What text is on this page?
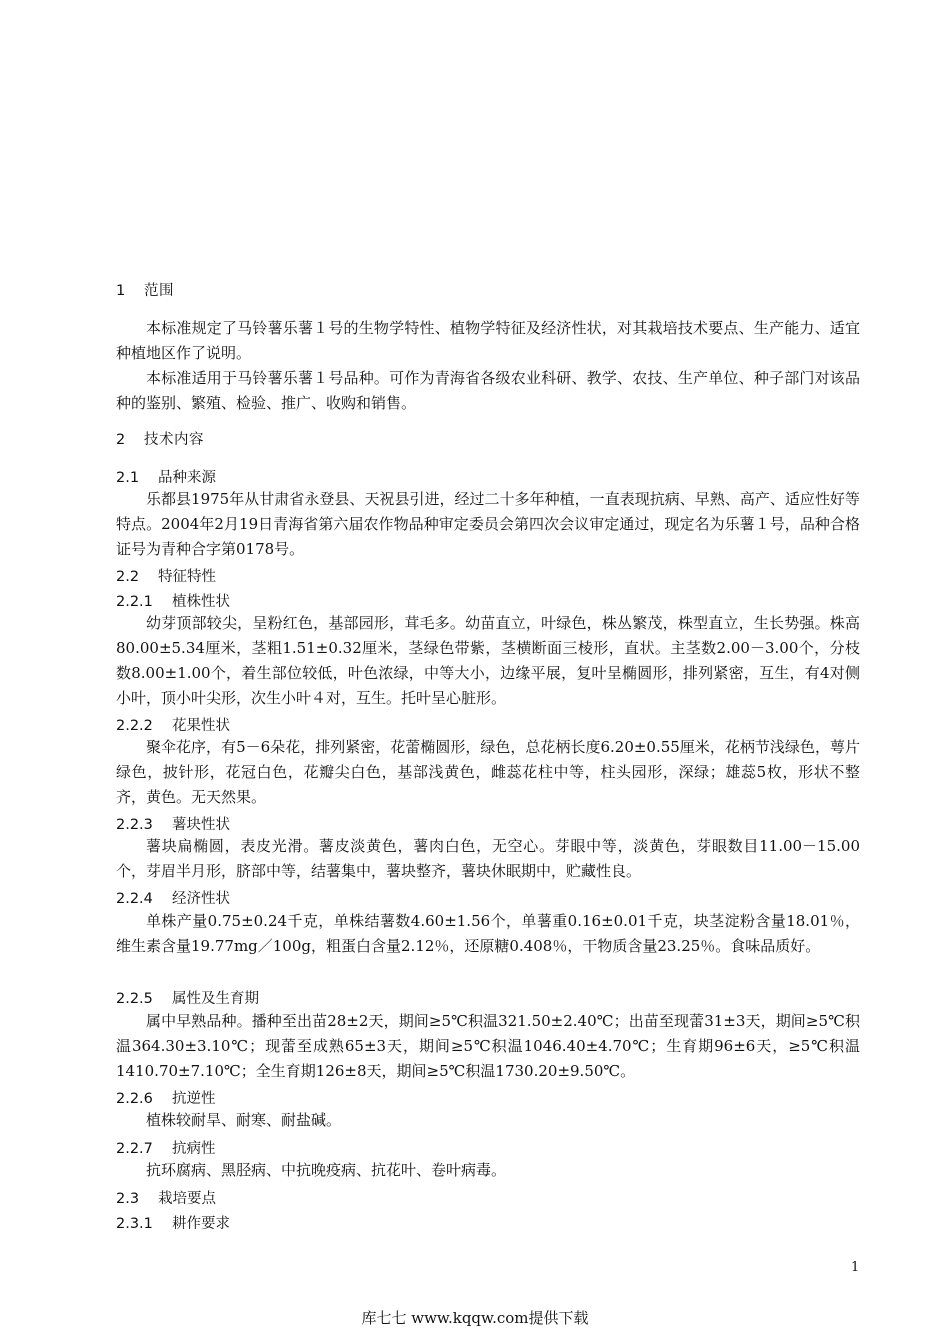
1 范围
本标准规定了马铃薯乐薯１号的生物学特性、植物学特征及经济性状，对其栽培技术要点、生产能力、适宜种植地区作了说明。
本标准适用于马铃薯乐薯１号品种。可作为青海省各级农业科研、教学、农技、生产单位、种子部门对该品种的鉴别、繁殖、检验、推广、收购和销售。
2 技术内容
2.1 品种来源
乐都县1975年从甘肃省永登县、天祝县引进，经过二十多年种植，一直表现抗病、早熟、高产、适应性好等特点。2004年2月19日青海省第六届农作物品种审定委员会第四次会议审定通过，现定名为乐薯１号，品种合格证号为青种合字第0178号。
2.2 特征特性
2.2.1 植株性状
幼芽顶部较尖，呈粉红色，基部园形，茸毛多。幼苗直立，叶绿色，株丛繁茂，株型直立，生长势强。株高80.00±5.34厘米，茎粗1.51±0.32厘米，茎绿色带紫，茎横断面三棱形，直状。主茎数2.00－3.00个，分枝数8.00±1.00个，着生部位较低，叶色浓绿，中等大小，边缘平展，复叶呈椭圆形，排列紧密，互生，有4对侧小叶，顶小叶尖形，次生小叶４对，互生。托叶呈心脏形。
2.2.2 花果性状
聚伞花序，有5－6朵花，排列紧密，花蕾椭圆形，绿色，总花柄长度6.20±0.55厘米，花柄节浅绿色，萼片绿色，披针形，花冠白色，花瓣尖白色，基部浅黄色，雌蕊花柱中等，柱头园形，深绿；雄蕊5枚，形状不整齐，黄色。无天然果。
2.2.3 薯块性状
薯块扁椭圆，表皮光滑。薯皮淡黄色，薯肉白色，无空心。芽眼中等，淡黄色，芽眼数目11.00－15.00个，芽眉半月形，脐部中等，结薯集中，薯块整齐，薯块休眠期中，贮藏性良。
2.2.4 经济性状
单株产量0.75±0.24千克，单株结薯数4.60±1.56个，单薯重0.16±0.01千克，块茎淀粉含量18.01％，维生素含量19.77mg／100g，粗蛋白含量2.12％，还原糖0.408％，干物质含量23.25％。食味品质好。
2.2.5 属性及生育期
属中早熟品种。播种至出苗28±2天，期间≥5℃积温321.50±2.40℃；出苗至现蕾31±3天，期间≥5℃积温364.30±3.10℃；现蕾至成熟65±3天，期间≥5℃积温1046.40±4.70℃；生育期96±6天，≥5℃积温1410.70±7.10℃；全生育期126±8天，期间≥5℃积温1730.20±9.50℃。
2.2.6 抗逆性
植株较耐旱、耐寒、耐盐碱。
2.2.7 抗病性
抗环腐病、黑胫病、中抗晚疫病、抗花叶、卷叶病毒。
2.3 栽培要点
2.3.1 耕作要求
1
库七七 www.kqqw.com提供下载
